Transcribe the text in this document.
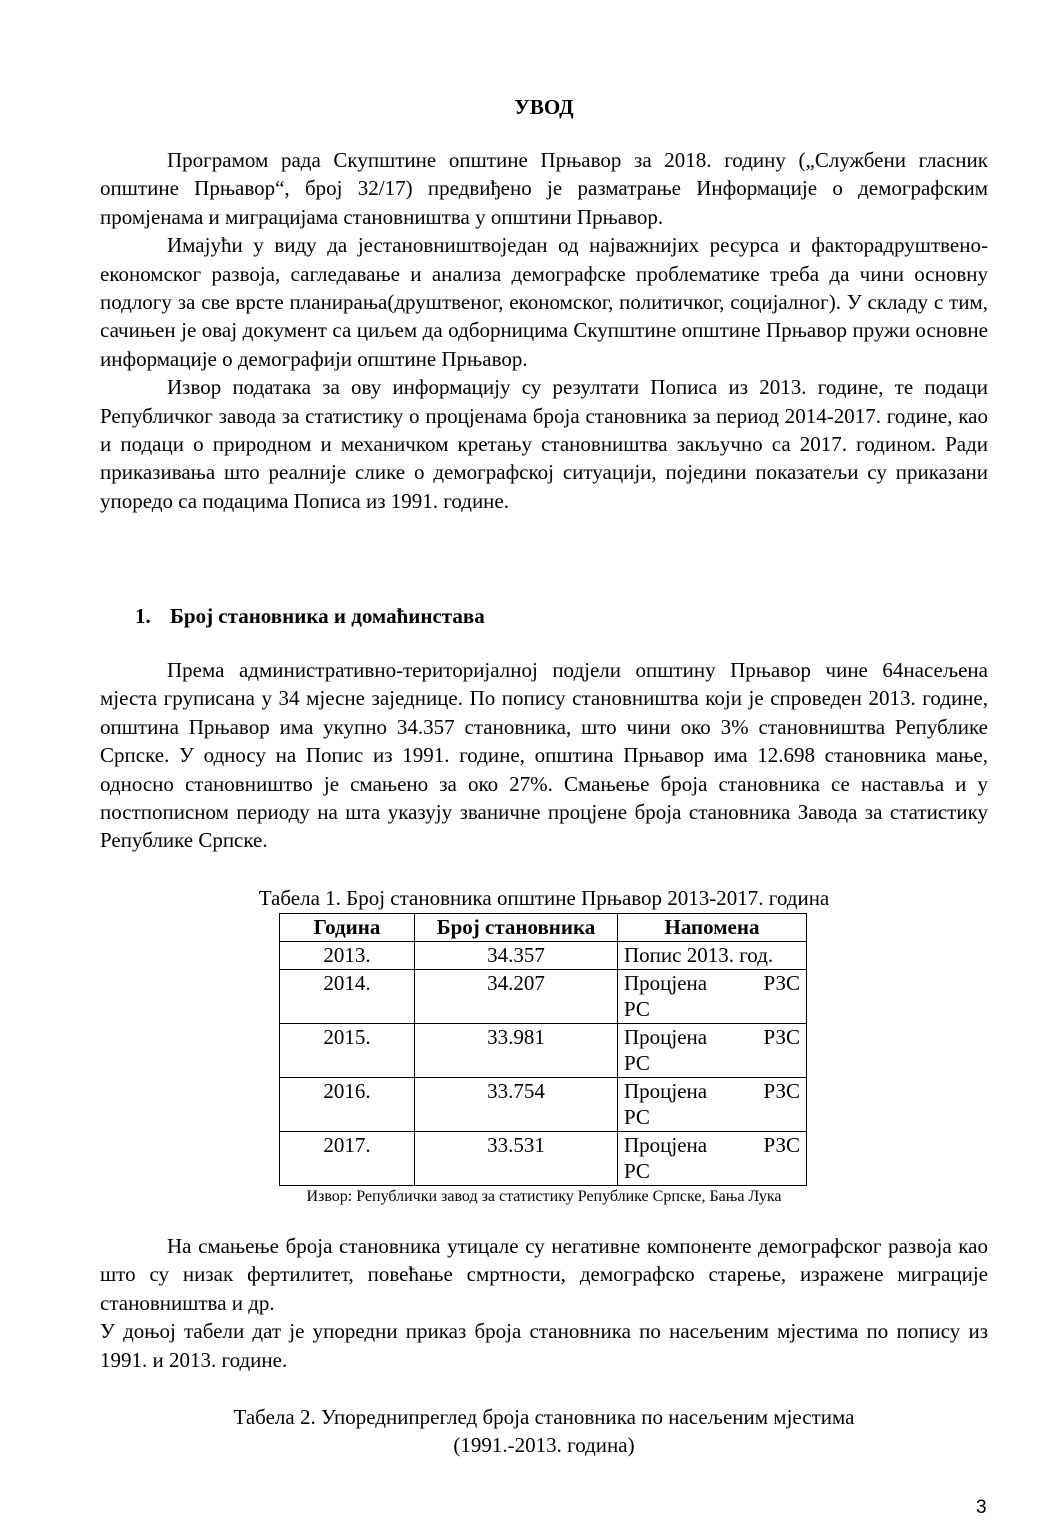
УВОД

Програмом рада Скупштине општине Прњавор за 2018. годину („Службени гласник општине Прњавор“, број 32/17) предвиђено је разматрање Информације о демографским промјенама и миграцијама становништва у општини Прњавор.

Имајући у виду да јестановништвоједан од најважнијих ресурса и факторадруштвено-економског развоја, сагледавање и анализа демографске проблематике треба да чини основну подлогу за све врсте планирања(друштвеног, економског, политичког, социјалног). У складу с тим, сачињен је овај документ са циљем да одборницима Скупштине општине Прњавор пружи основне информације о демографији општине Прњавор.

Извор података за ову информацију су резултати Пописа из 2013. године, те подаци Републичког завода за статистику о процјенама броја становника за период 2014-2017. године, као и подаци о природном и механичком кретању становништва закључно са 2017. годином. Ради приказивања што реалније слике о демографској ситуацији, поједини показатељи су приказани упоредо са подацима Пописа из 1991. године.

1. Број становника и домаћинстава

Према административно-територијалној подјели општину Прњавор чине 64насељена мјеста груписана у 34 мјесне заједнице. По попису становништва који је спроведен 2013. године, општина Прњавор има укупно 34.357 становника, што чини око 3% становништва Републике Српске. У односу на Попис из 1991. године, општина Прњавор има 12.698 становника мање, односно становништво је смањено за око 27%. Смањење броја становника се наставља и у постпописном периоду на шта указују званичне процјене броја становника Завода за статистику Републике Српске.

Табела 1. Број становника општине Прњавор 2013-2017. година
Година	Број становника	Напомена
2013.	34.357	Попис 2013. год.
2014.	34.207	Процјена РЗС
РС

2015.	33.981	Процјена РЗС
РС

2016.	33.754	Процјена РЗС
РС

2017.	33.531	Процјена РЗС
РС
Извор: Републички завод за статистику Републике Српске, Бања Лука

На смањење броја становника утицале су негативне компоненте демографског развоја као што су низак фертилитет, повећање смртности, демографско старење, изражене миграције становништва и др.

У доњој табели дат је упоредни приказ броја становника по насељеним мјестима по попису из 1991. и 2013. године.

Табела 2. Упореднипреглед броја становника по насељеним мјестима
(1991.-2013. година)
3
